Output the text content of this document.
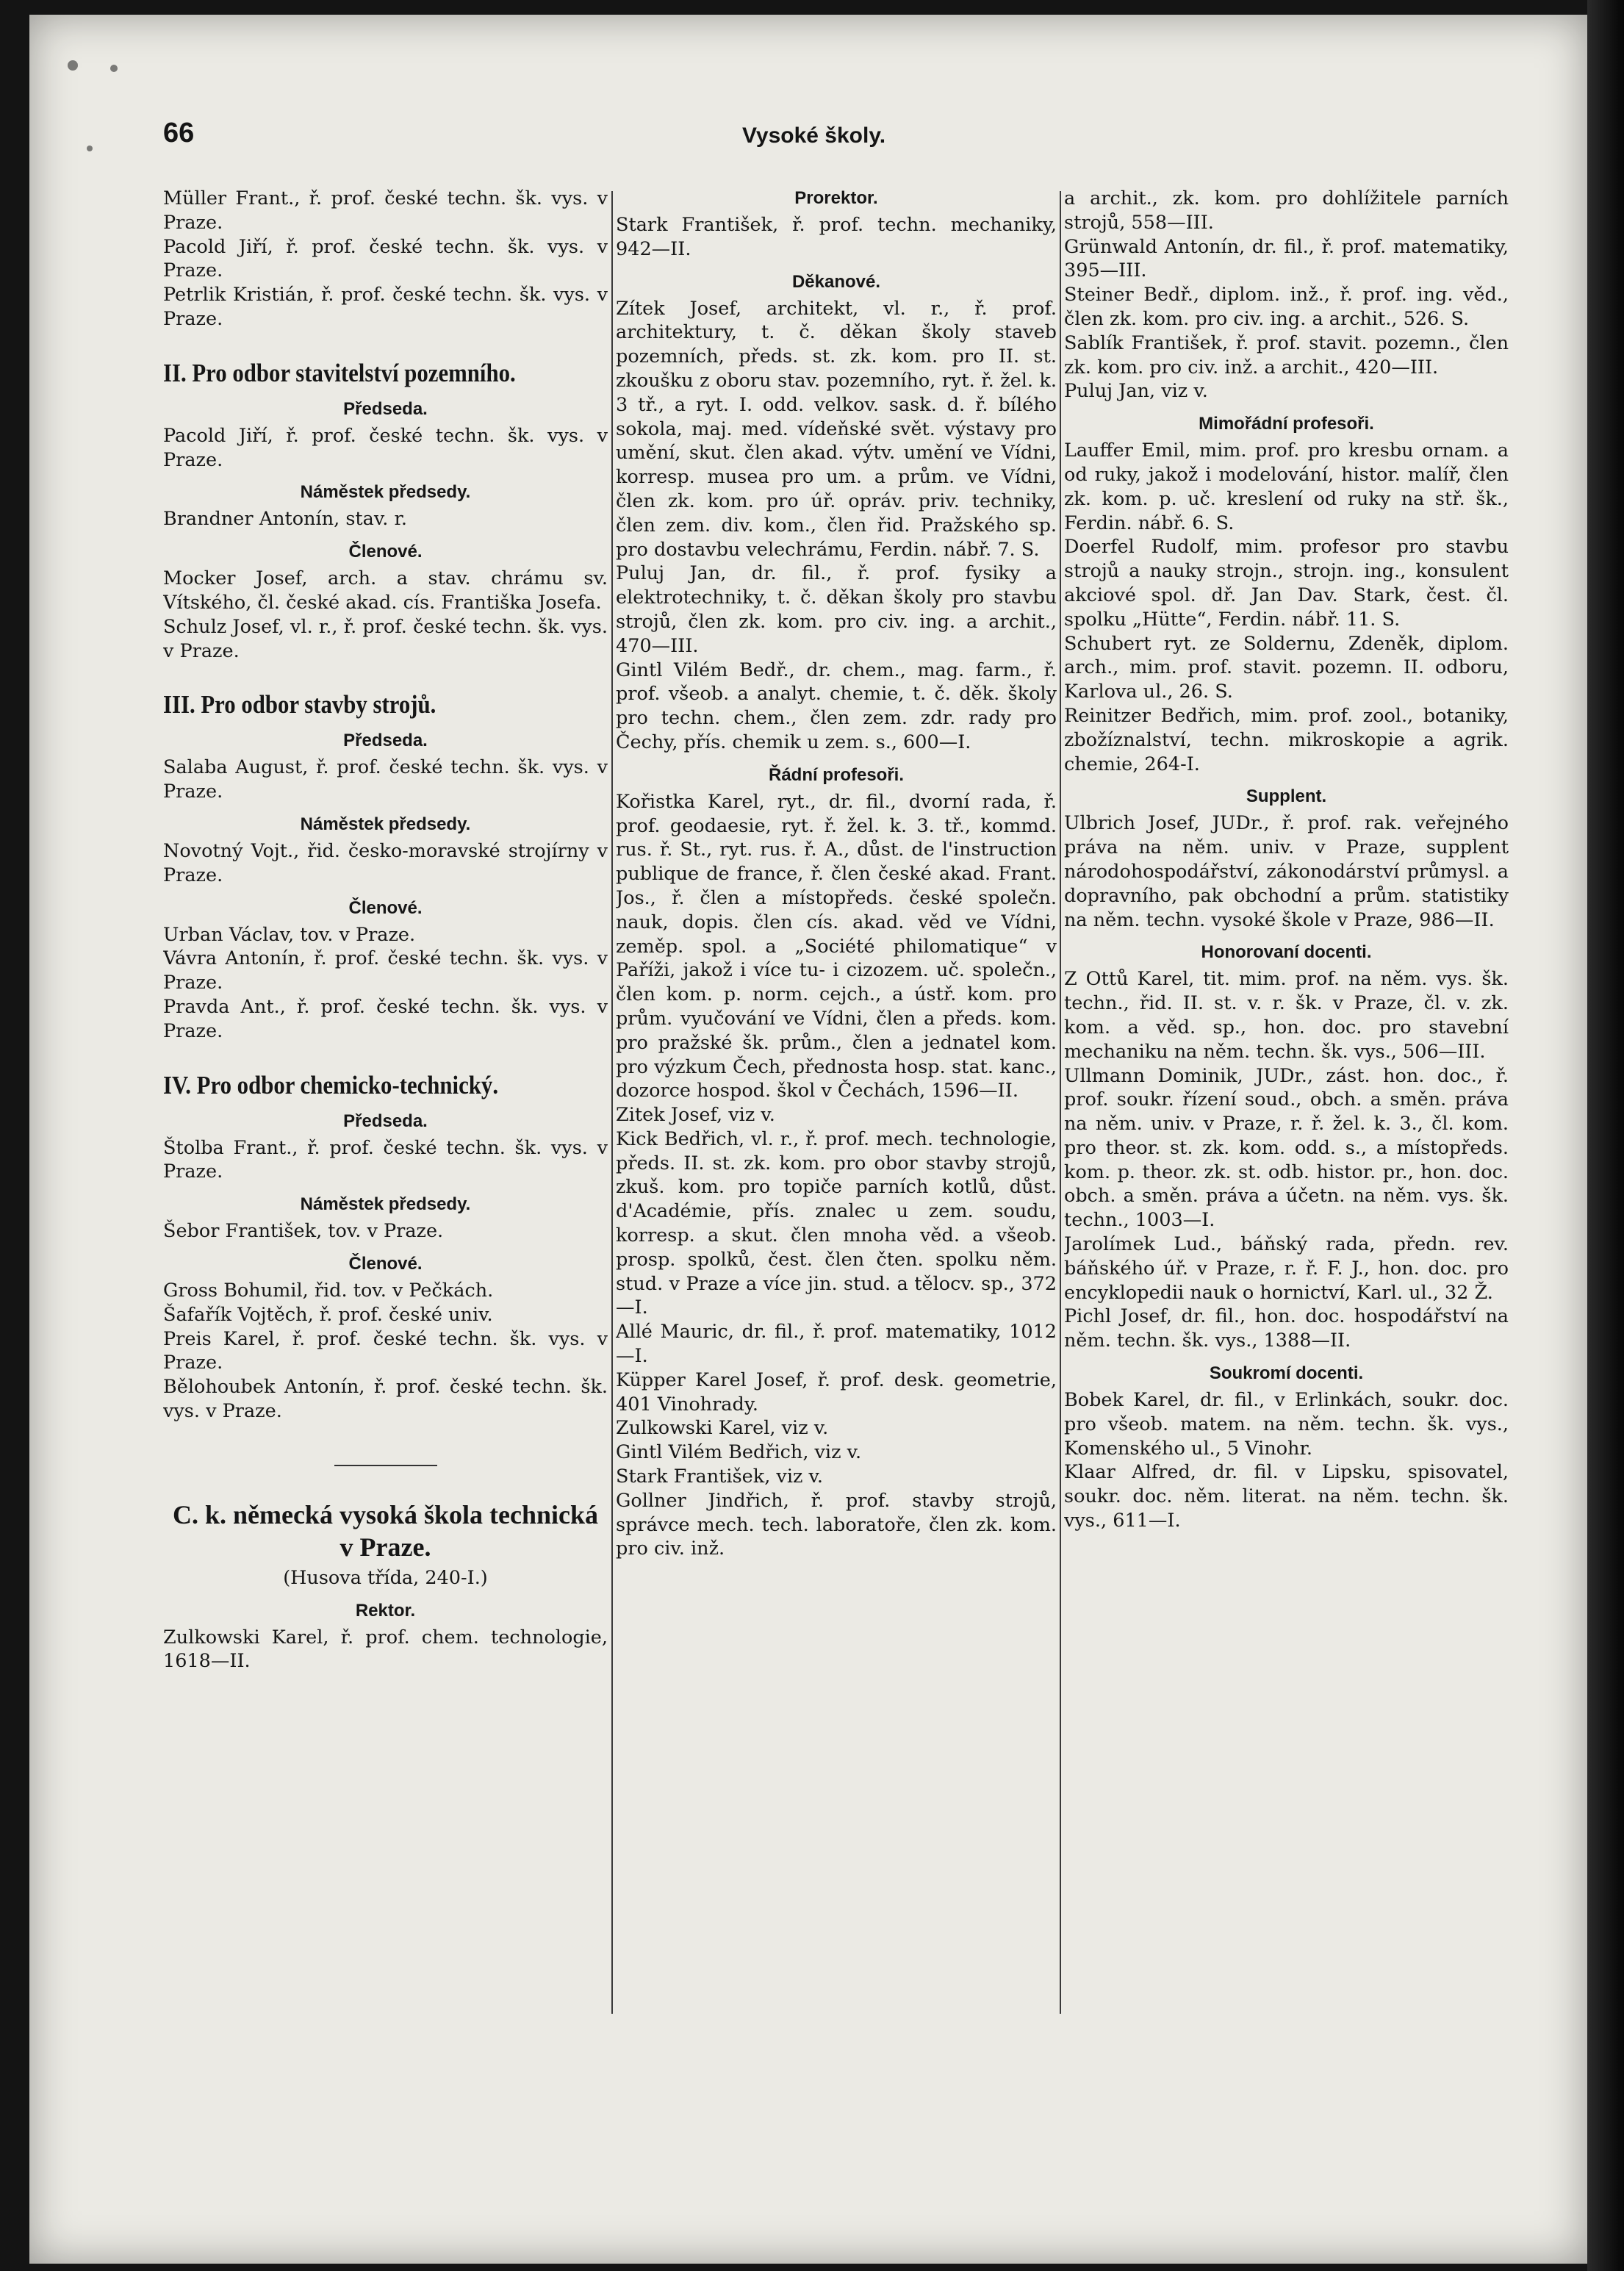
66	Vysoké školy.

Müller Frant., ř. prof. české techn. šk. vys. v Praze.

Pacold Jiří, ř. prof. české techn. šk. vys. v Praze.

Petrlik Kristián, ř. prof. české techn. šk. vys. v Praze.

II. Pro odbor stavitelství pozemního.
Předseda.

Pacold Jiří, ř. prof. české techn. šk. vys. v Praze.

Náměstek předsedy.

Brandner Antonín, stav. r.

Členové.

Mocker Josef, arch. a stav. chrámu sv. Vítského, čl. české akad. cís. Františka Josefa.

Schulz Josef, vl. r., ř. prof. české techn. šk. vys. v Praze.

III. Pro odbor stavby strojů.
Předseda.

Salaba August, ř. prof. české techn. šk. vys. v Praze.

Náměstek předsedy.

Novotný Vojt., řid. česko-moravské strojírny v Praze.

Členové.

Urban Václav, tov. v Praze.

Vávra Antonín, ř. prof. české techn. šk. vys. v Praze.

Pravda Ant., ř. prof. české techn. šk. vys. v Praze.

IV. Pro odbor chemicko-technický.
Předseda.

Štolba Frant., ř. prof. české techn. šk. vys. v Praze.

Náměstek předsedy.

Šebor František, tov. v Praze.

Členové.

Gross Bohumil, řid. tov. v Pečkách.

Šafařík Vojtěch, ř. prof. české univ.

Preis Karel, ř. prof. české techn. šk. vys. v Praze.

Bělohoubek Antonín, ř. prof. české techn. šk. vys. v Praze.

C. k. německá vysoká škola technická v Praze.
(Husova třída, 240-I.)
Rektor.

Zulkowski Karel, ř. prof. chem. technologie, 1618—II.

Prorektor.

Stark František, ř. prof. techn. mechaniky, 942—II.

Děkanové.

Zítek Josef, architekt, vl. r., ř. prof. architektury, t. č. děkan školy staveb pozemních, předs. st. zk. kom. pro II. st. zkoušku z oboru stav. pozemního, ryt. ř. žel. k. 3 tř., a ryt. I. odd. velkov. sask. d. ř. bílého sokola, maj. med. vídeňské svět. výstavy pro umění, skut. člen akad. výtv. umění ve Vídni, korresp. musea pro um. a prům. ve Vídni, člen zk. kom. pro úř. opráv. priv. techniky, člen zem. div. kom., člen řid. Pražského sp. pro dostavbu velechrámu, Ferdin. nábř. 7. S.

Puluj Jan, dr. fil., ř. prof. fysiky a elektrotechniky, t. č. děkan školy pro stavbu strojů, člen zk. kom. pro civ. ing. a archit., 470—III.

Gintl Vilém Bedř., dr. chem., mag. farm., ř. prof. všeob. a analyt. chemie, t. č. děk. školy pro techn. chem., člen zem. zdr. rady pro Čechy, přís. chemik u zem. s., 600—I.

Řádní profesoři.

Kořistka Karel, ryt., dr. fil., dvorní rada, ř. prof. geodaesie, ryt. ř. žel. k. 3. tř., kommd. rus. ř. St., ryt. rus. ř. A., důst. de l'instruction publique de france, ř. člen české akad. Frant. Jos., ř. člen a místopředs. české společn. nauk, dopis. člen cís. akad. věd ve Vídni, zeměp. spol. a „Société philomatique“ v Paříži, jakož i více tu- i cizozem. uč. společn., člen kom. p. norm. cejch., a ústř. kom. pro prům. vyučování ve Vídni, člen a předs. kom. pro pražské šk. prům., člen a jednatel kom. pro výzkum Čech, přednosta hosp. stat. kanc., dozorce hospod. škol v Čechách, 1596—II.

Zitek Josef, viz v.

Kick Bedřich, vl. r., ř. prof. mech. technologie, předs. II. st. zk. kom. pro obor stavby strojů, zkuš. kom. pro topiče parních kotlů, důst. d'Académie, přís. znalec u zem. soudu, korresp. a skut. člen mnoha věd. a všeob. prosp. spolků, čest. člen čten. spolku něm. stud. v Praze a více jin. stud. a tělocv. sp., 372—I.

Allé Mauric, dr. fil., ř. prof. matematiky, 1012—I.

Küpper Karel Josef, ř. prof. desk. geometrie, 401 Vinohrady.

Zulkowski Karel, viz v.

Gintl Vilém Bedřich, viz v.

Stark František, viz v.

Gollner Jindřich, ř. prof. stavby strojů, správce mech. tech. laboratoře, člen zk. kom. pro civ. inž.

a archit., zk. kom. pro dohlížitele parních strojů, 558—III.

Grünwald Antonín, dr. fil., ř. prof. matematiky, 395—III.

Steiner Bedř., diplom. inž., ř. prof. ing. věd., člen zk. kom. pro civ. ing. a archit., 526. S.

Sablík František, ř. prof. stavit. pozemn., člen zk. kom. pro civ. inž. a archit., 420—III.

Puluj Jan, viz v.

Mimořádní profesoři.

Lauffer Emil, mim. prof. pro kresbu ornam. a od ruky, jakož i modelování, histor. malíř, člen zk. kom. p. uč. kreslení od ruky na stř. šk., Ferdin. nábř. 6. S.

Doerfel Rudolf, mim. profesor pro stavbu strojů a nauky strojn., strojn. ing., konsulent akciové spol. dř. Jan Dav. Stark, čest. čl. spolku „Hütte“, Ferdin. nábř. 11. S.

Schubert ryt. ze Soldernu, Zdeněk, diplom. arch., mim. prof. stavit. pozemn. II. odboru, Karlova ul., 26. S.

Reinitzer Bedřich, mim. prof. zool., botaniky, zbožíznalství, techn. mikroskopie a agrik. chemie, 264-I.

Supplent.

Ulbrich Josef, JUDr., ř. prof. rak. veřejného práva na něm. univ. v Praze, supplent národohospodářství, zákonodárství průmysl. a dopravního, pak obchodní a prům. statistiky na něm. techn. vysoké škole v Praze, 986—II.

Honorovaní docenti.

Z Ottů Karel, tit. mim. prof. na něm. vys. šk. techn., řid. II. st. v. r. šk. v Praze, čl. v. zk. kom. a věd. sp., hon. doc. pro stavební mechaniku na něm. techn. šk. vys., 506—III.

Ullmann Dominik, JUDr., zást. hon. doc., ř. prof. soukr. řízení soud., obch. a směn. práva na něm. univ. v Praze, r. ř. žel. k. 3., čl. kom. pro theor. st. zk. kom. odd. s., a místopředs. kom. p. theor. zk. st. odb. histor. pr., hon. doc. obch. a směn. práva a účetn. na něm. vys. šk. techn., 1003—I.

Jarolímek Lud., báňský rada, předn. rev. báňského úř. v Praze, r. ř. F. J., hon. doc. pro encyklopedii nauk o hornictví, Karl. ul., 32 Ž.

Pichl Josef, dr. fil., hon. doc. hospodářství na něm. techn. šk. vys., 1388—II.

Soukromí docenti.

Bobek Karel, dr. fil., v Erlinkách, soukr. doc. pro všeob. matem. na něm. techn. šk. vys., Komenského ul., 5 Vinohr.

Klaar Alfred, dr. fil. v Lipsku, spisovatel, soukr. doc. něm. literat. na něm. techn. šk. vys., 611—I.
